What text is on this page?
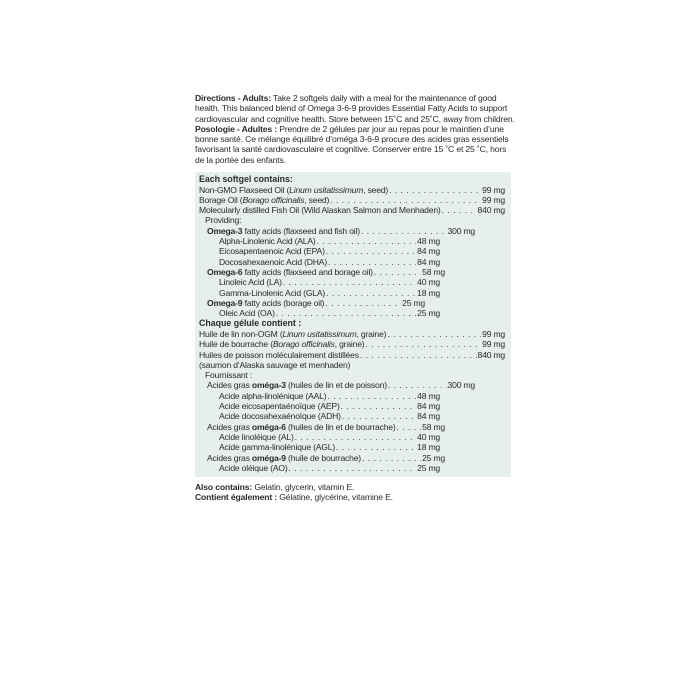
Directions - Adults: Take 2 softgels daily with a meal for the maintenance of good health. This balanced blend of Omega 3-6-9 provides Essential Fatty Acids to support cardiovascular and cognitive health. Store between 15˚C and 25˚C, away from children.
Posologie - Adultes : Prendre de 2 gélules par jour au repas pour le maintien d’une bonne santé. Ce mélange équilibré d’oméga 3-6-9 procure des acides gras essentiels favorisant la santé cardiovasculaire et cognitive. Conserver entre 15 ˚C et 25 ˚C, hors de la portée des enfants.
Each softgel contains:
Non-GMO Flaxseed Oil (Linum usitatissimum, seed) . . .	99 mg
Borage Oil (Borago officinalis, seed) . . .	99 mg
Molecularly distilled Fish Oil (Wild Alaskan Salmon and Menhaden) . . .	840 mg
Providing:
Omega-3 fatty acids (flaxseed and fish oil) . . .	300 mg
Alpha-Linolenic Acid (ALA) . . .	48 mg
Eicosapentaenoic Acid (EPA) . . .	84 mg
Docosahexaenoic Acid (DHA) . . .	84 mg
Omega-6 fatty acids (flaxseed and borage oil) . . .	58 mg
Linoleic Acid (LA) . . .	40 mg
Gamma-Linolenic Acid (GLA) . . .	18 mg
Omega-9 fatty acids (borage oil) . . .	25 mg
Oleic Acid (OA) . . .	25 mg
Chaque gélule contient :
Huile de lin non-OGM (Linum usitatissimum, graine) . . .	99 mg
Huile de bourrache (Borago officinalis, graine) . . .	99 mg
Huiles de poisson moléculairement distillées . . .	840 mg
(saumon d’Alaska sauvage et menhaden)
Fournissant :
Acides gras oméga-3 (huiles de lin et de poisson) . . .	300 mg
Acide alpha-linolénique (AAL) . . .	48 mg
Acide eicosapentaénoïque (AEP) . . .	84 mg
Acide docosahexaénoïque (ADH) . . .	84 mg
Acides gras oméga-6 (huiles de lin et de bourrache) . . .	58 mg
Acide linoléique (AL) . . .	40 mg
Acide gamma-linolénique (AGL) . . .	18 mg
Acides gras oméga-9 (huile de bourrache) . . .	25 mg
Acide oléique (AO) . . .	25 mg
Also contains: Gelatin, glycerin, vitamin E.
Contient également : Gélatine, glycérine, vitamine E.
